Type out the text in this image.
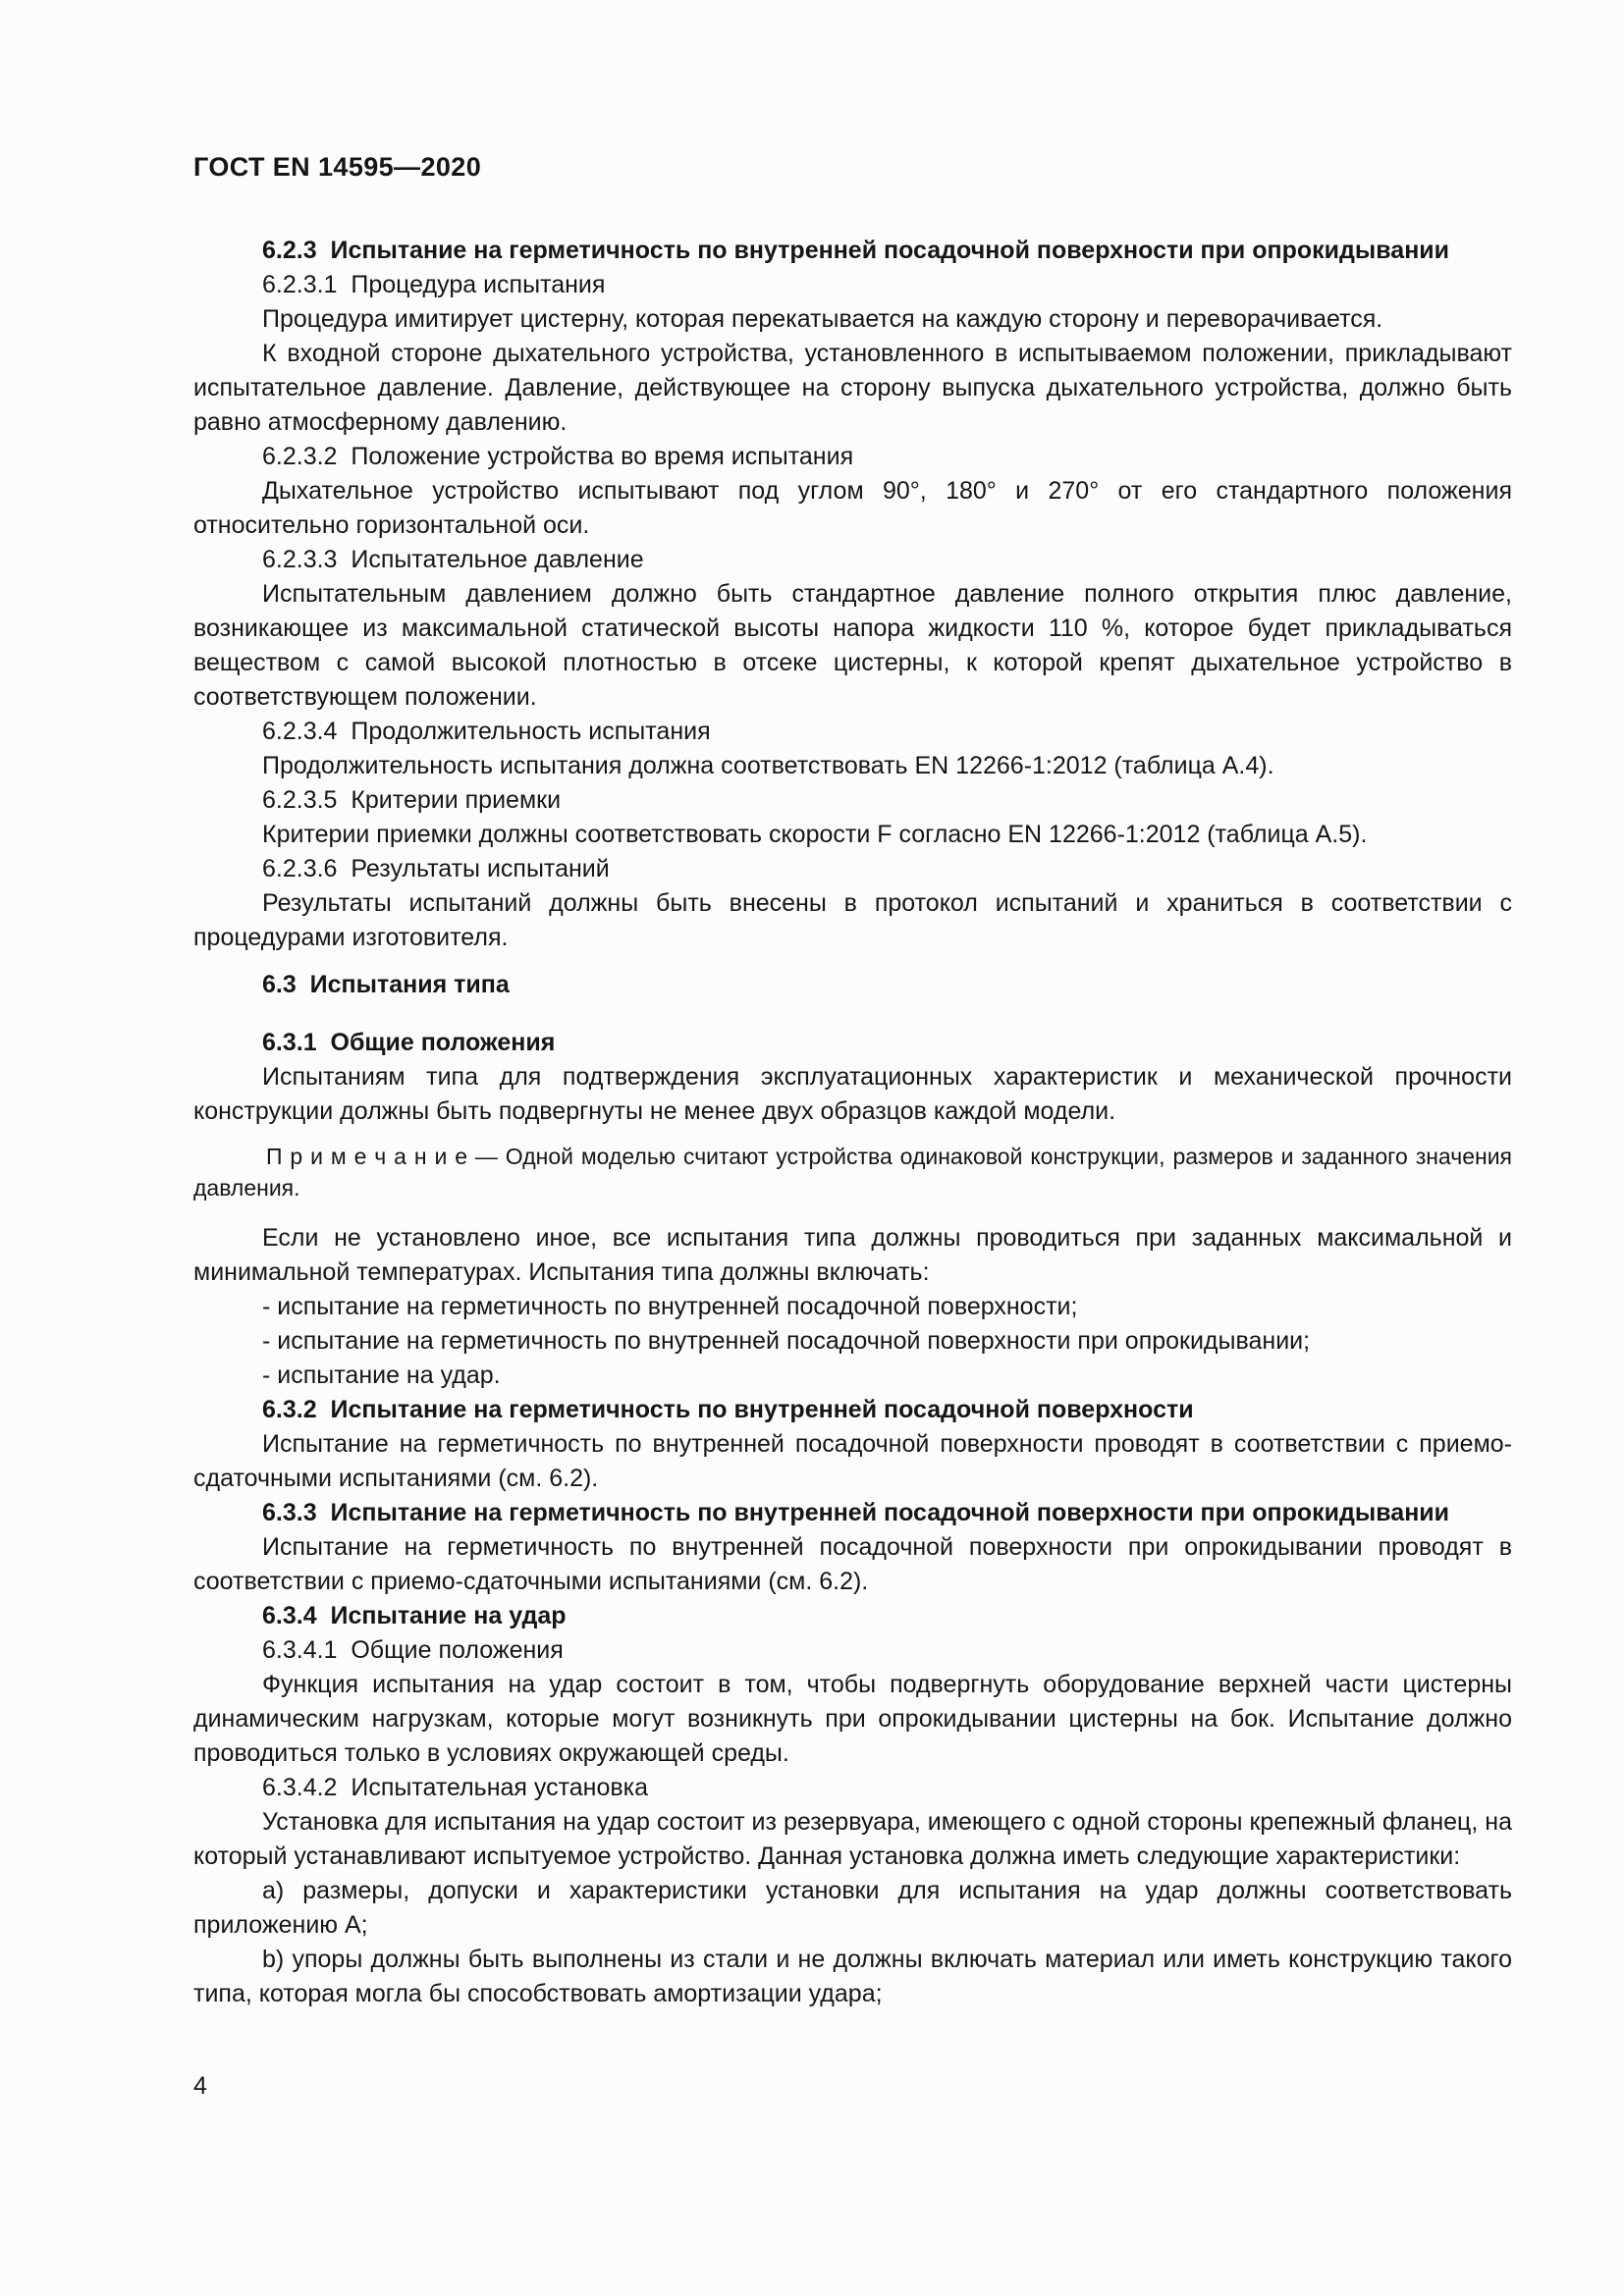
ГОСТ EN 14595—2020

6.2.3  Испытание на герметичность по внутренней посадочной поверхности при опрокидывании

6.2.3.1  Процедура испытания

Процедура имитирует цистерну, которая перекатывается на каждую сторону и переворачивается.

К входной стороне дыхательного устройства, установленного в испытываемом положении, прикладывают испытательное давление. Давление, действующее на сторону выпуска дыхательного устройства, должно быть равно атмосферному давлению.

6.2.3.2  Положение устройства во время испытания

Дыхательное устройство испытывают под углом 90°, 180° и 270° от его стандартного положения относительно горизонтальной оси.

6.2.3.3  Испытательное давление

Испытательным давлением должно быть стандартное давление полного открытия плюс давление, возникающее из максимальной статической высоты напора жидкости 110 %, которое будет прикладываться веществом с самой высокой плотностью в отсеке цистерны, к которой крепят дыхательное устройство в соответствующем положении.

6.2.3.4  Продолжительность испытания

Продолжительность испытания должна соответствовать EN 12266-1:2012 (таблица А.4).

6.2.3.5  Критерии приемки

Критерии приемки должны соответствовать скорости F согласно EN 12266-1:2012 (таблица А.5).

6.2.3.6  Результаты испытаний

Результаты испытаний должны быть внесены в протокол испытаний и храниться в соответствии с процедурами изготовителя.

6.3  Испытания типа

6.3.1  Общие положения

Испытаниям типа для подтверждения эксплуатационных характеристик и механической прочности конструкции должны быть подвергнуты не менее двух образцов каждой модели.

П р и м е ч а н и е — Одной моделью считают устройства одинаковой конструкции, размеров и заданного значения давления.

Если не установлено иное, все испытания типа должны проводиться при заданных максимальной и минимальной температурах. Испытания типа должны включать:

- испытание на герметичность по внутренней посадочной поверхности;

- испытание на герметичность по внутренней посадочной поверхности при опрокидывании;

- испытание на удар.

6.3.2  Испытание на герметичность по внутренней посадочной поверхности

Испытание на герметичность по внутренней посадочной поверхности проводят в соответствии с приемо-сдаточными испытаниями (см. 6.2).

6.3.3  Испытание на герметичность по внутренней посадочной поверхности при опрокидывании

Испытание на герметичность по внутренней посадочной поверхности при опрокидывании проводят в соответствии с приемо-сдаточными испытаниями (см. 6.2).

6.3.4  Испытание на удар

6.3.4.1  Общие положения

Функция испытания на удар состоит в том, чтобы подвергнуть оборудование верхней части цистерны динамическим нагрузкам, которые могут возникнуть при опрокидывании цистерны на бок. Испытание должно проводиться только в условиях окружающей среды.

6.3.4.2  Испытательная установка

Установка для испытания на удар состоит из резервуара, имеющего с одной стороны крепежный фланец, на который устанавливают испытуемое устройство. Данная установка должна иметь следующие характеристики:

а) размеры, допуски и характеристики установки для испытания на удар должны соответствовать приложению А;

b) упоры должны быть выполнены из стали и не должны включать материал или иметь конструкцию такого типа, которая могла бы способствовать амортизации удара;

4
